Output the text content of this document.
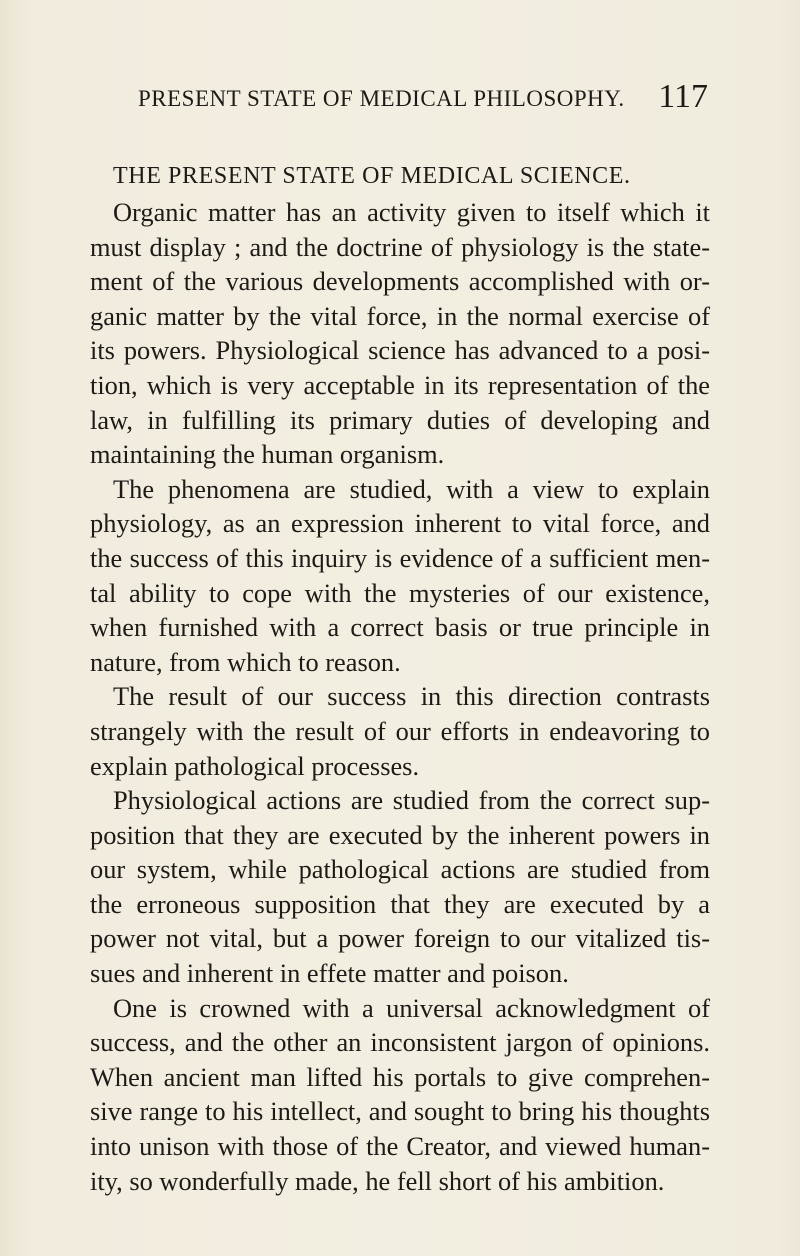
PRESENT STATE OF MEDICAL PHILOSOPHY. 117
THE PRESENT STATE OF MEDICAL SCIENCE.
Organic matter has an activity given to itself which it
must display ; and the doctrine of physiology is the state-
ment of the various developments accomplished with or-
ganic matter by the vital force, in the normal exercise of
its powers. Physiological science has advanced to a posi-
tion, which is very acceptable in its representation of the
law, in fulfilling its primary duties of developing and
maintaining the human organism.
The phenomena are studied, with a view to explain
physiology, as an expression inherent to vital force, and
the success of this inquiry is evidence of a sufficient men-
tal ability to cope with the mysteries of our existence,
when furnished with a correct basis or true principle in
nature, from which to reason.
The result of our success in this direction contrasts
strangely with the result of our efforts in endeavoring to
explain pathological processes.
Physiological actions are studied from the correct sup-
position that they are executed by the inherent powers in
our system, while pathological actions are studied from
the erroneous supposition that they are executed by a
power not vital, but a power foreign to our vitalized tis-
sues and inherent in effete matter and poison.
One is crowned with a universal acknowledgment of
success, and the other an inconsistent jargon of opinions.
When ancient man lifted his portals to give comprehen-
sive range to his intellect, and sought to bring his thoughts
into unison with those of the Creator, and viewed human-
ity, so wonderfully made, he fell short of his ambition.
